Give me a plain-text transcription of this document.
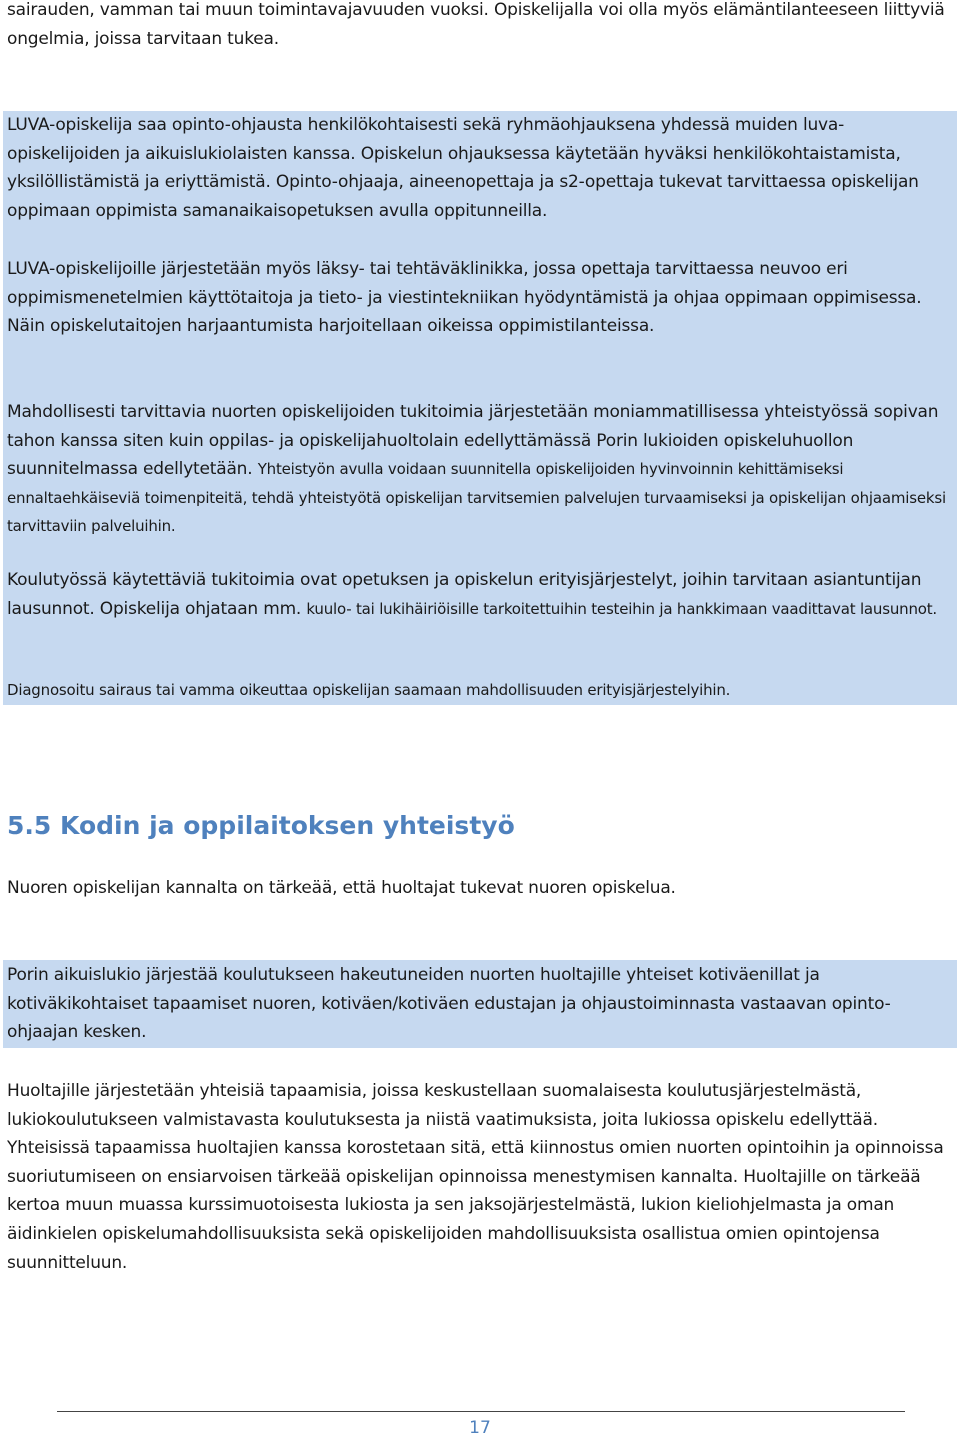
sairauden, vamman tai muun toimintavajavuuden vuoksi. Opiskelijalla voi olla myös elämäntilanteeseen liittyviä ongelmia, joissa tarvitaan tukea.

LUVA-opiskelija saa opinto-ohjausta henkilökohtaisesti sekä ryhmäohjauksena yhdessä muiden luva-opiskelijoiden ja aikuislukiolaisten kanssa. Opiskelun ohjauksessa käytetään hyväksi henkilökohtaistamista, yksilöllistämistä ja eriyttämistä. Opinto-ohjaaja, aineenopettaja ja s2-opettaja tukevat tarvittaessa opiskelijan oppimaan oppimista samanaikaisopetuksen avulla oppitunneilla.

LUVA-opiskelijoille järjestetään myös läksy- tai tehtäväklinikka, jossa opettaja tarvittaessa neuvoo eri oppimismenetelmien käyttötaitoja ja tieto- ja viestintekniikan hyödyntämistä ja ohjaa oppimaan oppimisessa. Näin opiskelutaitojen harjaantumista harjoitellaan oikeissa oppimistilanteissa.

Mahdollisesti tarvittavia nuorten opiskelijoiden tukitoimia järjestetään moniammatillisessa yhteistyössä sopivan tahon kanssa siten kuin oppilas- ja opiskelijahuoltolain edellyttämässä Porin lukioiden opiskeluhuollon suunnitelmassa edellytetään. Yhteistyön avulla voidaan suunnitella opiskelijoiden hyvinvoinnin kehittämiseksi ennaltaehkäiseviä toimenpiteitä, tehdä yhteistyötä opiskelijan tarvitsemien palvelujen turvaamiseksi ja opiskelijan ohjaamiseksi tarvittaviin palveluihin.

Koulutyössä käytettäviä tukitoimia ovat opetuksen ja opiskelun erityisjärjestelyt, joihin tarvitaan asiantuntijan lausunnot. Opiskelija ohjataan mm. kuulo- tai lukihäiriöisille tarkoitettuihin testeihin ja hankkimaan vaadittavat lausunnot.

Diagnosoitu sairaus tai vamma oikeuttaa opiskelijan saamaan mahdollisuuden erityisjärjestelyihin.

5.5 Kodin ja oppilaitoksen yhteistyö

Nuoren opiskelijan kannalta on tärkeää, että huoltajat tukevat nuoren opiskelua.

Porin aikuislukio järjestää koulutukseen hakeutuneiden nuorten huoltajille yhteiset kotiväenillat ja kotiväkikohtaiset tapaamiset nuoren, kotiväen/kotiväen edustajan ja ohjaustoiminnasta vastaavan opinto-ohjaajan kesken.

Huoltajille järjestetään yhteisiä tapaamisia, joissa keskustellaan suomalaisesta koulutusjärjestelmästä, lukiokoulutukseen valmistavasta koulutuksesta ja niistä vaatimuksista, joita lukiossa opiskelu edellyttää. Yhteisissä tapaamissa huoltajien kanssa korostetaan sitä, että kiinnostus omien nuorten opintoihin ja opinnoissa suoriutumiseen on ensiarvoisen tärkeää opiskelijan opinnoissa menestymisen kannalta. Huoltajille on tärkeää kertoa muun muassa kurssimuotoisesta lukiosta ja sen jaksojärjestelmästä, lukion kieliohjelmasta ja oman äidinkielen opiskelumahdollisuuksista sekä opiskelijoiden mahdollisuuksista osallistua omien opintojensa suunnitteluun.

17
